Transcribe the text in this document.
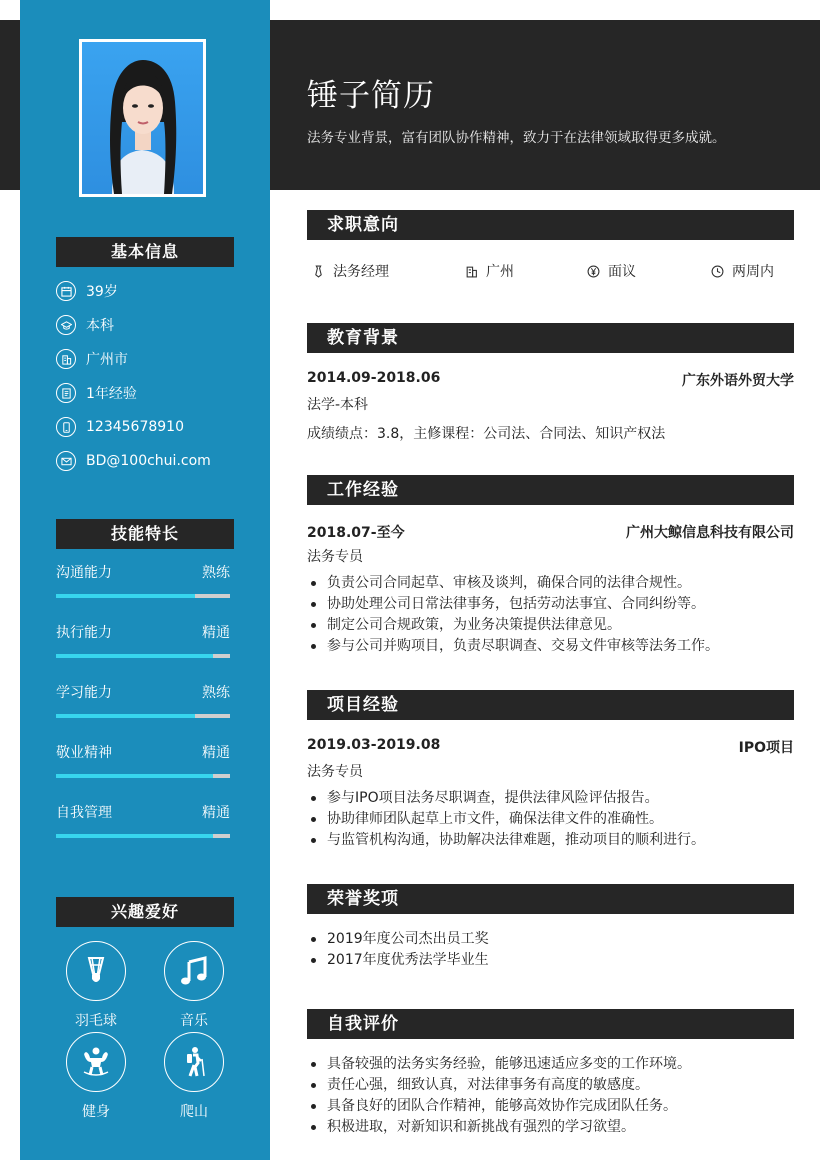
锤子简历
法务专业背景，富有团队协作精神，致力于在法律领域取得更多成就。
基本信息
39岁
本科
广州市
1年经验
12345678910
BD@100chui.com
技能特长
沟通能力	熟练
执行能力	精通
学习能力	熟练
敬业精神	精通
自我管理	精通
兴趣爱好
羽毛球	音乐
健身	爬山
求职意向
法务经理	广州	面议	两周内
教育背景
2014.09-2018.06	广东外语外贸大学
法学-本科
成绩绩点：3.8，主修课程：公司法、合同法、知识产权法
工作经验
2018.07-至今	广州大鲸信息科技有限公司
法务专员
负责公司合同起草、审核及谈判，确保合同的法律合规性。
协助处理公司日常法律事务，包括劳动法事宜、合同纠纷等。
制定公司合规政策，为业务决策提供法律意见。
参与公司并购项目，负责尽职调查、交易文件审核等法务工作。
项目经验
2019.03-2019.08	IPO项目
法务专员
参与IPO项目法务尽职调查，提供法律风险评估报告。
协助律师团队起草上市文件，确保法律文件的准确性。
与监管机构沟通，协助解决法律难题，推动项目的顺利进行。
荣誉奖项
2019年度公司杰出员工奖
2017年度优秀法学毕业生
自我评价
具备较强的法务实务经验，能够迅速适应多变的工作环境。
责任心强，细致认真，对法律事务有高度的敏感度。
具备良好的团队合作精神，能够高效协作完成团队任务。
积极进取，对新知识和新挑战有强烈的学习欲望。
